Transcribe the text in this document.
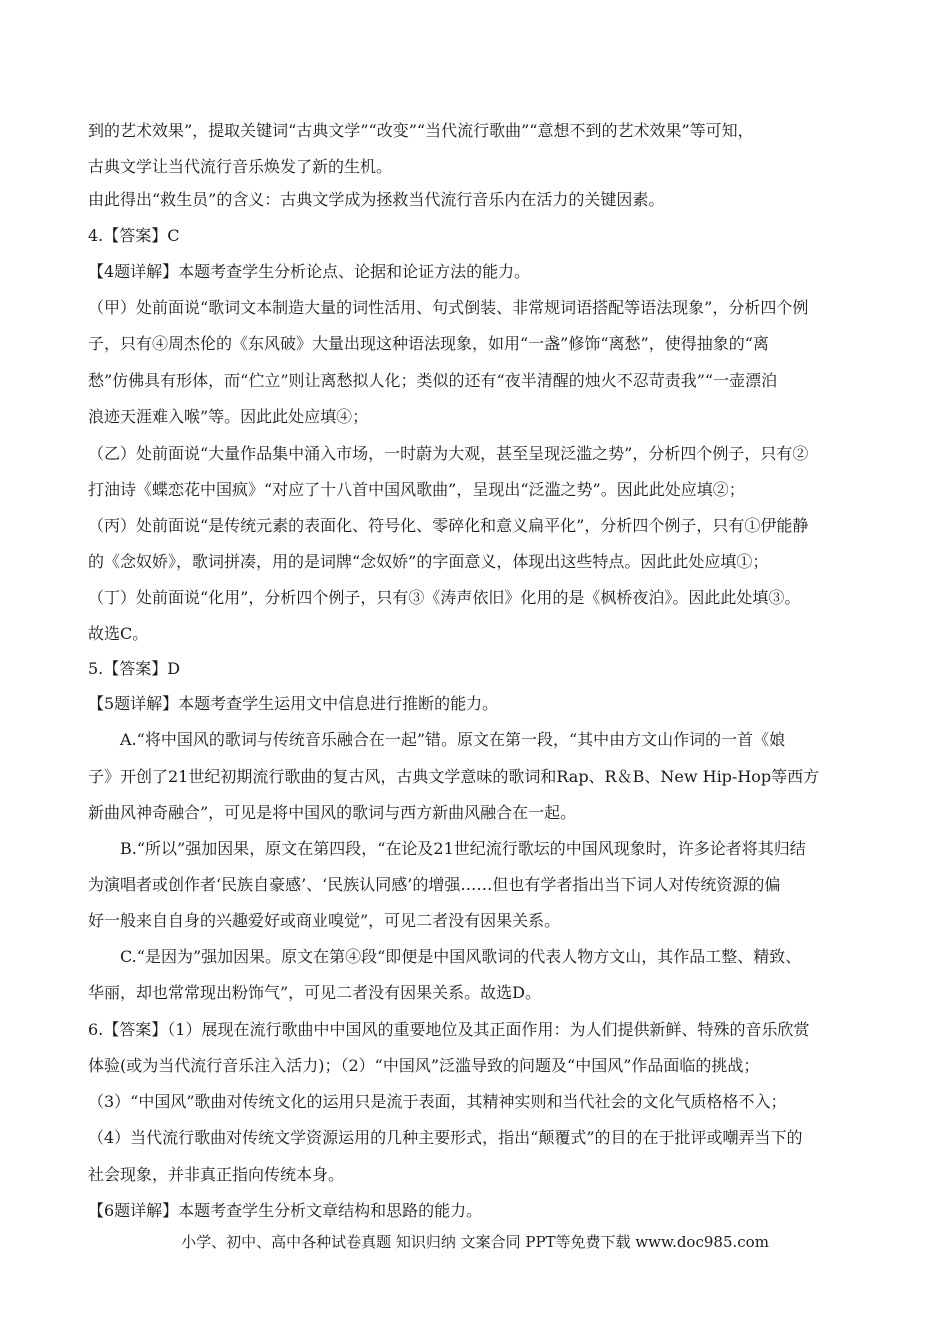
到的艺术效果”，提取关键词“古典文学”“改变”“当代流行歌曲”“意想不到的艺术效果”等可知，
古典文学让当代流行音乐焕发了新的生机。
由此得出“救生员”的含义：古典文学成为拯救当代流行音乐内在活力的关键因素。
4.【答案】C
【4题详解】本题考查学生分析论点、论据和论证方法的能力。
（甲）处前面说“歌词文本制造大量的词性活用、句式倒装、非常规词语搭配等语法现象”，分析四个例
子，只有④周杰伦的《东风破》大量出现这种语法现象，如用“一盏”修饰“离愁”，使得抽象的“离
愁”仿佛具有形体，而“伫立”则让离愁拟人化；类似的还有“夜半清醒的烛火不忍苛责我”“一壶漂泊
浪迹天涯难入喉”等。因此此处应填④；
（乙）处前面说“大量作品集中涌入市场，一时蔚为大观，甚至呈现泛滥之势”，分析四个例子，只有②
打油诗《蝶恋花中国疯》“对应了十八首中国风歌曲”，呈现出“泛滥之势”。因此此处应填②；
（丙）处前面说“是传统元素的表面化、符号化、零碎化和意义扁平化”，分析四个例子，只有①伊能静
的《念奴娇》，歌词拼凑，用的是词牌“念奴娇”的字面意义，体现出这些特点。因此此处应填①；
（丁）处前面说“化用”，分析四个例子，只有③《涛声依旧》化用的是《枫桥夜泊》。因此此处填③。
故选C。
5.【答案】D
【5题详解】本题考查学生运用文中信息进行推断的能力。
A.“将中国风的歌词与传统音乐融合在一起”错。原文在第一段，“其中由方文山作词的一首《娘
子》开创了21世纪初期流行歌曲的复古风，古典文学意味的歌词和Rap、R＆B、New Hip-Hop等西方
新曲风神奇融合”，可见是将中国风的歌词与西方新曲风融合在一起。
B.“所以”强加因果，原文在第四段，“在论及21世纪流行歌坛的中国风现象时，许多论者将其归结
为演唱者或创作者‘民族自豪感’、‘民族认同感’的增强……但也有学者指出当下词人对传统资源的偏
好一般来自自身的兴趣爱好或商业嗅觉”，可见二者没有因果关系。
C.“是因为”强加因果。原文在第④段“即便是中国风歌词的代表人物方文山，其作品工整、精致、
华丽，却也常常现出粉饰气”，可见二者没有因果关系。故选D。
6.【答案】（1）展现在流行歌曲中中国风的重要地位及其正面作用：为人们提供新鲜、特殊的音乐欣赏
体验(或为当代流行音乐注入活力)；（2）“中国风”泛滥导致的问题及“中国风”作品面临的挑战；
（3）“中国风”歌曲对传统文化的运用只是流于表面，其精神实则和当代社会的文化气质格格不入；
（4）当代流行歌曲对传统文学资源运用的几种主要形式，指出“颠覆式”的目的在于批评或嘲弄当下的
社会现象，并非真正指向传统本身。
【6题详解】本题考查学生分析文章结构和思路的能力。
小学、初中、高中各种试卷真题 知识归纳 文案合同 PPT等免费下载 www.doc985.com
